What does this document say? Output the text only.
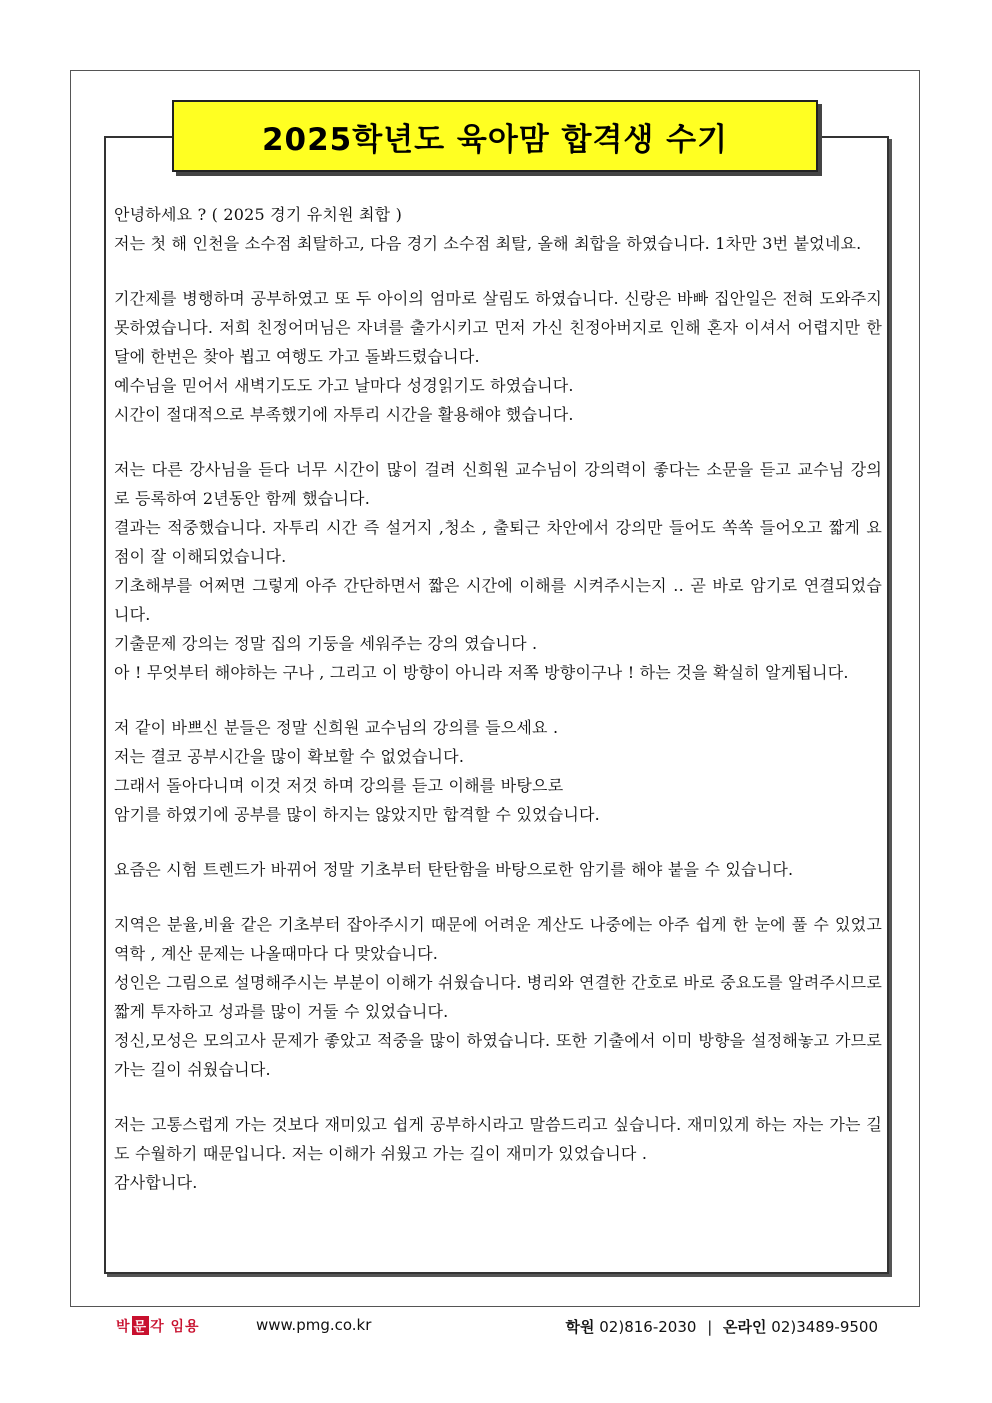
2025학년도 육아맘 합격생 수기

안녕하세요 ? ( 2025 경기 유치원 최합 )

저는 첫 해 인천을 소수점 최탈하고, 다음 경기 소수점 최탈, 올해 최합을 하였습니다. 1차만 3번 붙었네요.

기간제를 병행하며 공부하였고 또 두 아이의 엄마로 살림도 하였습니다. 신랑은 바빠 집안일은 전혀 도와주지 못하였습니다. 저희 친정어머님은 자녀를 출가시키고 먼저 가신 친정아버지로 인해 혼자 이셔서 어렵지만 한달에 한번은 찾아 뵙고 여행도 가고 돌봐드렸습니다.

예수님을 믿어서 새벽기도도 가고 날마다 성경읽기도 하였습니다.

시간이 절대적으로 부족했기에 자투리 시간을 활용해야 했습니다.

저는 다른 강사님을 듣다 너무 시간이 많이 걸려 신희원 교수님이 강의력이 좋다는 소문을 듣고 교수님 강의로 등록하여 2년동안 함께 했습니다.

결과는 적중했습니다. 자투리 시간 즉 설거지 ,청소 , 출퇴근 차안에서 강의만 들어도 쏙쏙 들어오고 짧게 요점이 잘 이해되었습니다.

기초해부를 어쩌면 그렇게 아주 간단하면서 짧은 시간에 이해를 시켜주시는지 .. 곧 바로 암기로 연결되었습니다.

기출문제 강의는 정말 집의 기둥을 세워주는 강의 였습니다 .

아 ! 무엇부터 해야하는 구나 , 그리고 이 방향이 아니라 저쪽 방향이구나 ! 하는 것을 확실히 알게됩니다.

저 같이 바쁘신 분들은 정말 신희원 교수님의 강의를 들으세요 .

저는 결코 공부시간을 많이 확보할 수 없었습니다.

그래서 돌아다니며 이것 저것 하며 강의를 듣고 이해를 바탕으로

암기를 하였기에 공부를 많이 하지는 않았지만 합격할 수 있었습니다.

요즘은 시험 트렌드가 바뀌어 정말 기초부터 탄탄함을 바탕으로한 암기를 해야 붙을 수 있습니다.

지역은 분율,비율 같은 기초부터 잡아주시기 때문에 어려운 계산도 나중에는 아주 쉽게 한 눈에 풀 수 있었고 역학 , 계산 문제는 나올때마다 다 맞았습니다.

성인은 그림으로 설명해주시는 부분이 이해가 쉬웠습니다. 병리와 연결한 간호로 바로 중요도를 알려주시므로 짧게 투자하고 성과를 많이 거둘 수 있었습니다.

정신,모성은 모의고사 문제가 좋았고 적중을 많이 하였습니다. 또한 기출에서 이미 방향을 설정해놓고 가므로 가는 길이 쉬웠습니다.

저는 고통스럽게 가는 것보다 재미있고 쉽게 공부하시라고 말씀드리고 싶습니다. 재미있게 하는 자는 가는 길도 수월하기 때문입니다. 저는 이해가 쉬웠고 가는 길이 재미가 있었습니다 .

감사합니다.

박 문 각 임용	www.pmg.co.kr	학원 02)816-2030 | 온라인 02)3489-9500
